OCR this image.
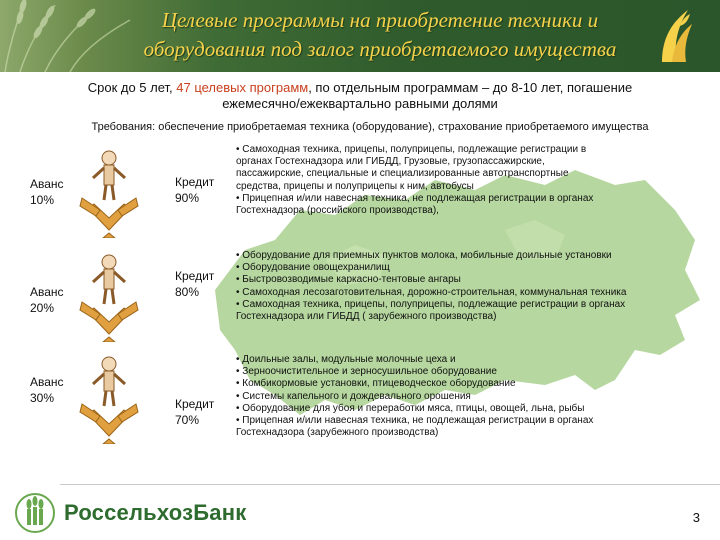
Целевые программы на приобретение техники и
оборудования под залог приобретаемого имущества
Срок до 5 лет, 47 целевых программ, по отдельным программам – до 8-10 лет, погашение
ежемесячно/ежеквартально равными долями
Требования: обеспечение приобретаемая техника (оборудование), страхование приобретаемого имущества
Аванс
10%
Кредит
90%
• Самоходная техника, прицепы, полуприцепы, подлежащие регистрации в
органах Гостехнадзора или ГИБДД, Грузовые, грузопассажирские,
пассажирские, специальные и специализированные автотранспортные
средства, прицепы и полуприцепы к ним, автобусы
• Прицепная и/или навесная техника, не подлежащая регистрации в органах
Гостехнадзора (российского производства),
Аванс
20%
Кредит
80%
• Оборудование для приемных пунктов молока, мобильные доильные установки
• Оборудование овощехранилищ
• Быстровозводимые каркасно-тентовые ангары
• Самоходная лесозаготовительная, дорожно-строительная, коммунальная техника
• Самоходная техника, прицепы, полуприцепы, подлежащие регистрации в органах
Гостехнадзора или ГИБДД ( зарубежного производства)
Аванс
30%	Кредит
70%
• Доильные залы, модульные молочные цеха и
• Зерноочистительное и зерносушильное оборудование
• Комбикормовые установки, птицеводческое оборудование
• Системы капельного и дождевального орошения
• Оборудование для убоя и переработки мяса, птицы, овощей, льна, рыбы
• Прицепная и/или навесная техника, не подлежащая регистрации в органах
Гостехнадзора (зарубежного производства)
РоссельхозБанк	3
